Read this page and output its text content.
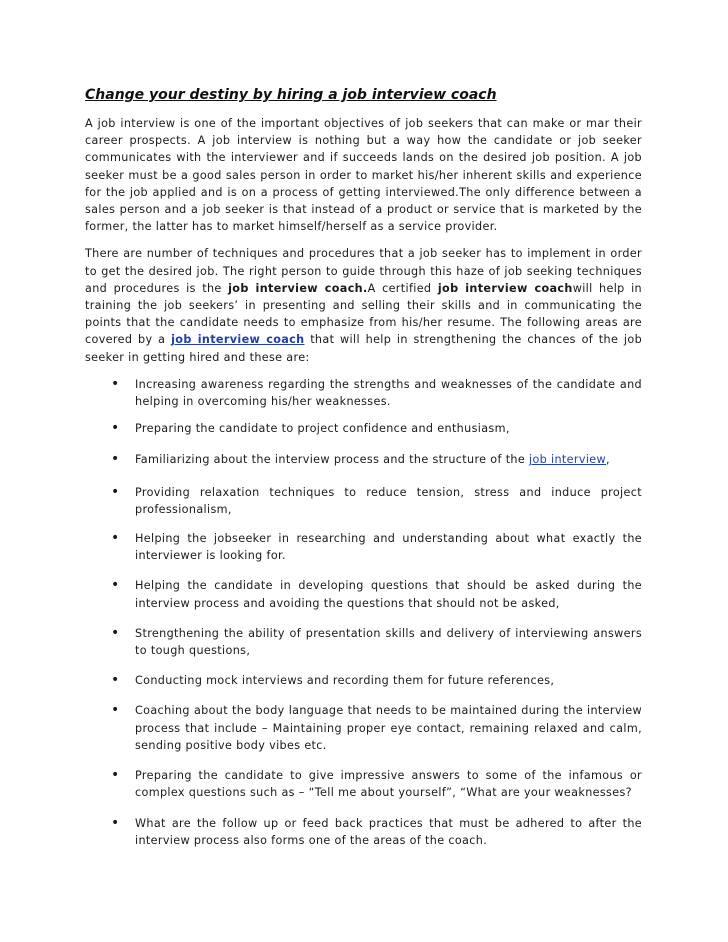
Change your destiny by hiring a job interview coach

A job interview is one of the important objectives of job seekers that can make or mar their career prospects. A job interview is nothing but a way how the candidate or job seeker communicates with the interviewer and if succeeds lands on the desired job position. A job seeker must be a good sales person in order to market his/her inherent skills and experience for the job applied and is on a process of getting interviewed.The only difference between a sales person and a job seeker is that instead of a product or service that is marketed by the former, the latter has to market himself/herself as a service provider.

There are number of techniques and procedures that a job seeker has to implement in order to get the desired job. The right person to guide through this haze of job seeking techniques and procedures is the job interview coach.A certified job interview coachwill help in training the job seekers’ in presenting and selling their skills and in communicating the points that the candidate needs to emphasize from his/her resume. The following areas are covered by a job interview coach that will help in strengthening the chances of the job seeker in getting hired and these are:

• Increasing awareness regarding the strengths and weaknesses of the candidate and helping in overcoming his/her weaknesses.
• Preparing the candidate to project confidence and enthusiasm,
• Familiarizing about the interview process and the structure of the job interview,
• Providing relaxation techniques to reduce tension, stress and induce project professionalism,
• Helping the jobseeker in researching and understanding about what exactly the interviewer is looking for.
• Helping the candidate in developing questions that should be asked during the interview process and avoiding the questions that should not be asked,
• Strengthening the ability of presentation skills and delivery of interviewing answers to tough questions,
• Conducting mock interviews and recording them for future references,
• Coaching about the body language that needs to be maintained during the interview process that include – Maintaining proper eye contact, remaining relaxed and calm, sending positive body vibes etc.
• Preparing the candidate to give impressive answers to some of the infamous or complex questions such as – “Tell me about yourself”, “What are your weaknesses?
• What are the follow up or feed back practices that must be adhered to after the interview process also forms one of the areas of the coach.
